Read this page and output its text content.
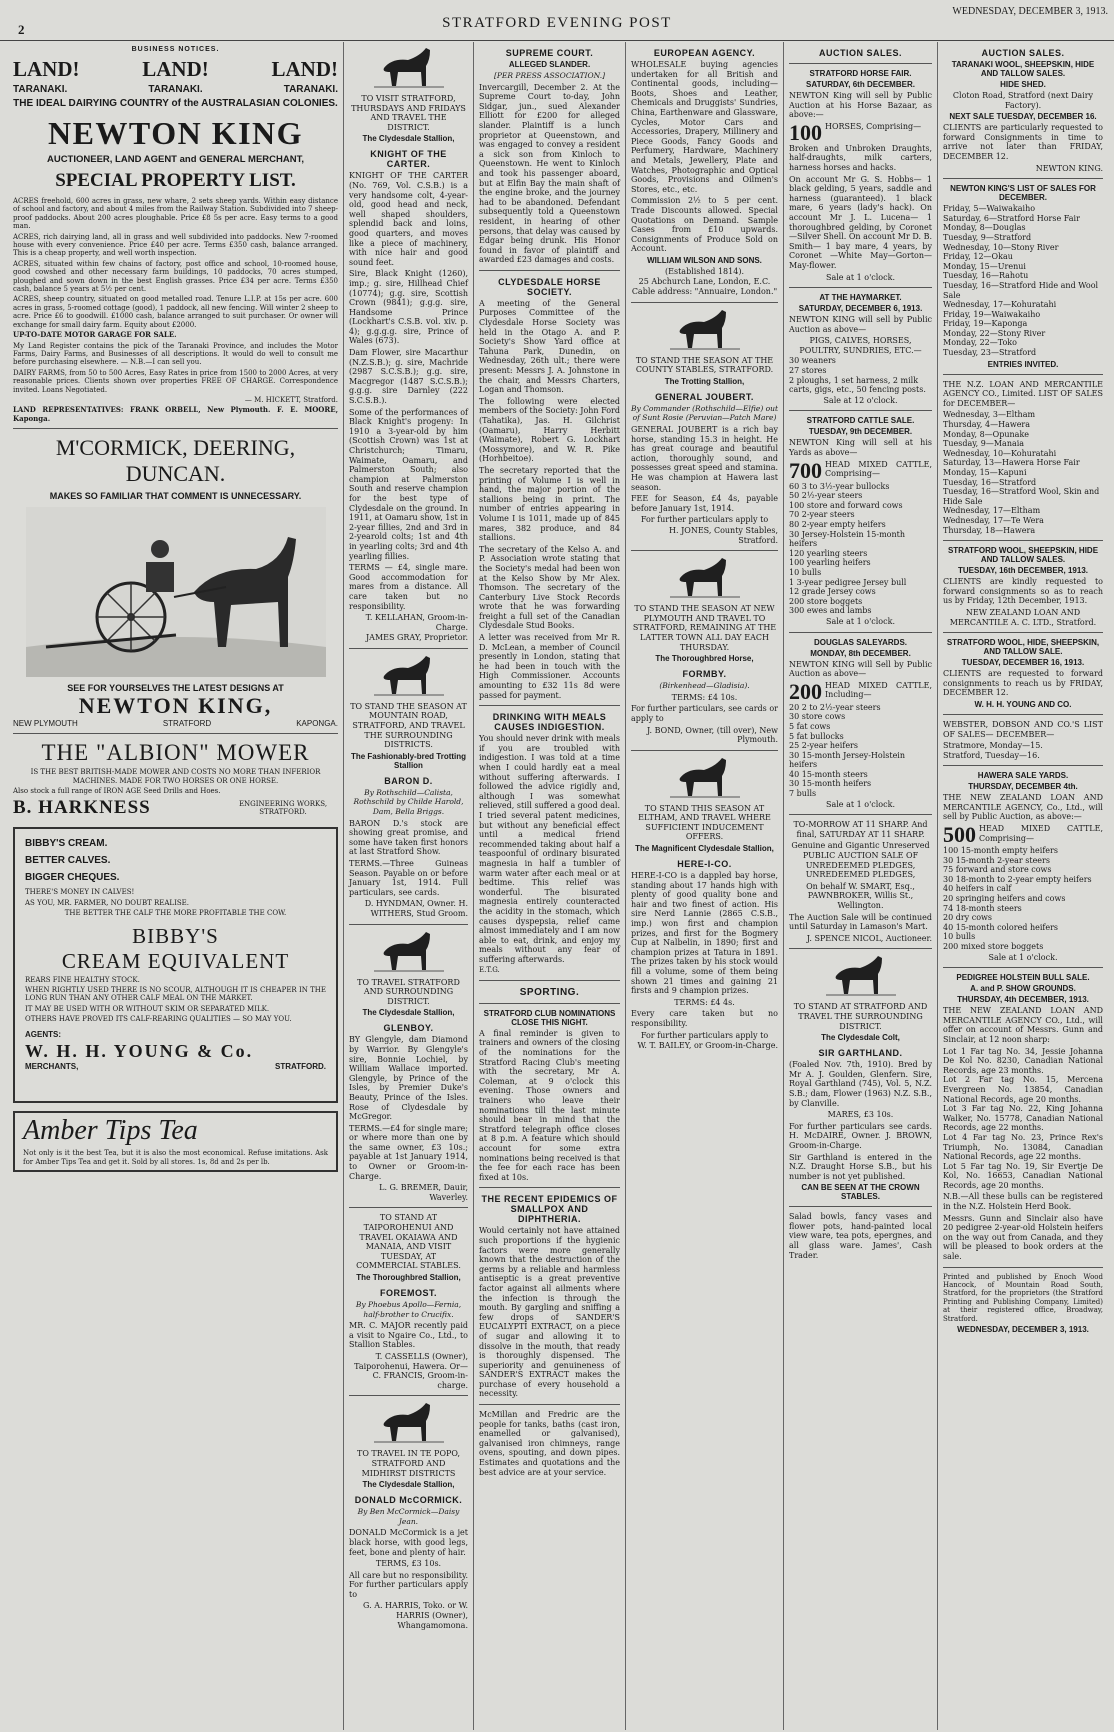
2	STRATFORD EVENING POST
WEDNESDAY, DECEMBER 3, 1913.
BUSINESS NOTICES.
LAND!	LAND!	LAND!
TARANAKI.	TARANAKI.	TARANAKI.
THE IDEAL DAIRYING COUNTRY of the AUSTRALASIAN COLONIES.
NEWTON KING
AUCTIONEER, LAND AGENT and GENERAL MERCHANT,
SPECIAL PROPERTY LIST.

ACRES freehold, 600 acres in grass, new whare, 2 sets sheep yards. Within easy distance of school and factory, and about 4 miles from the Railway Station. Subdivided into 7 sheep-proof paddocks. About 200 acres ploughable. Price £8 5s per acre. Easy terms to a good man.

ACRES, rich dairying land, all in grass and well subdivided into paddocks. New 7-roomed house with every convenience. Price £40 per acre. Terms £350 cash, balance arranged. This is a cheap property, and well worth inspection.

ACRES, situated within few chains of factory, post office and school, 10-roomed house, good cowshed and other necessary farm buildings, 10 paddocks, 70 acres stumped, ploughed and sown down in the best English grasses. Price £34 per acre. Terms £350 cash, balance 5 years at 5½ per cent.

ACRES, sheep country, situated on good metalled road. Tenure L.I.P. at 15s per acre. 600 acres in grass, 5-roomed cottage (good), 1 paddock, all new fencing. Will winter 2 sheep to acre. Price £6 to goodwill. £1000 cash, balance arranged to suit purchaser. Or owner will exchange for small dairy farm. Equity about £2000.

UP-TO-DATE MOTOR GARAGE FOR SALE.

My Land Register contains the pick of the Taranaki Province, and includes the Motor Farms, Dairy Farms, and Businesses of all descriptions. It would do well to consult me before purchasing elsewhere. — N.B.—I can sell you.

DAIRY FARMS, from 50 to 500 Acres, Easy Rates in price from 1500 to 2000 Acres, at very reasonable prices. Clients shown over properties FREE OF CHARGE. Correspondence invited. Loans Negotiated.

— M. HICKETT, Stratford.

LAND REPRESENTATIVES: FRANK ORBELL, New Plymouth. F. E. MOORE, Kaponga.

M'CORMICK, DEERING, DUNCAN.
MAKES SO FAMILIAR THAT COMMENT IS UNNECESSARY.
SEE FOR YOURSELVES THE LATEST DESIGNS AT
NEWTON KING,
NEW PLYMOUTH	STRATFORD	KAPONGA.
THE "ALBION" MOWER

IS THE BEST BRITISH-MADE MOWER AND COSTS NO MORE THAN INFERIOR MACHINES. MADE FOR TWO HORSES OR ONE HORSE.

Also stock a full range of IRON AGE Seed Drills and Hoes.

B. HARKNESS	ENGINEERING WORKS, STRATFORD.
BIBBY'S CREAM.
BETTER CALVES.
BIGGER CHEQUES.

THERE'S MONEY IN CALVES!

AS YOU, MR. FARMER, NO DOUBT REALISE.

THE BETTER THE CALF THE MORE PROFITABLE THE COW.

BIBBY'S
CREAM EQUIVALENT

REARS FINE HEALTHY STOCK.

WHEN RIGHTLY USED THERE IS NO SCOUR, ALTHOUGH IT IS CHEAPER IN THE LONG RUN THAN ANY OTHER CALF MEAL ON THE MARKET.

IT MAY BE USED WITH OR WITHOUT SKIM OR SEPARATED MILK.

OTHERS HAVE PROVED ITS CALF-REARING QUALITIES — SO MAY YOU.

AGENTS:
W. H. H. YOUNG & Co.
MERCHANTS,	STRATFORD.
Amber Tips Tea

Not only is it the best Tea, but it is also the most economical. Refuse imitations. Ask for Amber Tips Tea and get it. Sold by all stores. 1s, 8d and 2s per lb.

TO VISIT STRATFORD, THURSDAYS AND FRIDAYS AND TRAVEL THE DISTRICT.

The Clydesdale Stallion,
KNIGHT OF THE CARTER.

KNIGHT OF THE CARTER (No. 769, Vol. C.S.B.) is a very handsome colt, 4-year-old, good head and neck, well shaped shoulders, splendid back and loins, good quarters, and moves like a piece of machinery, with nice hair and good sound feet.

Sire, Black Knight (1260), imp.; g. sire, Hillhead Chief (10774); g.g. sire, Scottish Crown (9841); g.g.g. sire, Handsome Prince (Lockhart's C.S.B. vol. xiv. p. 4); g.g.g.g. sire, Prince of Wales (673).

Dam Flower, sire Macarthur (N.Z.S.B.); g. sire, Machride (2987 S.C.S.B.); g.g. sire, Macgregor (1487 S.C.S.B.); g.g.g. sire Darnley (222 S.C.S.B.).

Some of the performances of Black Knight's progeny: In 1910 a 3-year-old by him (Scottish Crown) was 1st at Christchurch; Timaru, Waimate, Oamaru, and Palmerston South; also champion at Palmerston South and reserve champion for the best type of Clydesdale on the ground. In 1911, at Oamaru show, 1st in 2-year fillies, 2nd and 3rd in 2-yearold colts; 1st and 4th in yearling colts; 3rd and 4th yearling fillies.

TERMS — £4, single mare. Good accommodation for mares from a distance. All care taken but no responsibility.

T. KELLAHAN, Groom-in-Charge.

JAMES GRAY, Proprietor.

TO STAND THE SEASON AT MOUNTAIN ROAD, STRATFORD, AND TRAVEL THE SURROUNDING DISTRICTS.

The Fashionably-bred Trotting Stallion
BARON D.

By Rothschild—Calista, Rothschild by Childe Harold, Dam, Bella Briggs.

BARON D.'s stock are showing great promise, and some have taken first honors at last Stratford Show.

TERMS.—Three Guineas Season. Payable on or before January 1st, 1914. Full particulars, see cards.

D. HYNDMAN, Owner. H. WITHERS, Stud Groom.

TO TRAVEL STRATFORD AND SURROUNDING DISTRICT.

The Clydesdale Stallion,
GLENBOY.

BY Glengyle, dam Diamond by Warrior. By Glengyle's sire, Bonnie Lochiel, by William Wallace imported. Glengyle, by Prince of the Isles, by Premier Duke's Beauty, Prince of the Isles. Rose of Clydesdale by McGregor.

TERMS.—£4 for single mare; or where more than one by the same owner, £3 10s.; payable at 1st January 1914, to Owner or Groom-in-Charge.

L. G. BREMER, Dauir, Waverley.

TO STAND AT TAIPOROHENUI AND TRAVEL OKAIAWA AND MANAIA, AND VISIT TUESDAY, AT COMMERCIAL STABLES.

The Thoroughbred Stallion,
FOREMOST.

By Phoebus Apollo—Fernia, half-brother to Crucifix.

MR. C. MAJOR recently paid a visit to Ngaire Co., Ltd., to Stallion Stables.

T. CASSELLS (Owner), Taiporohenui, Hawera. Or— C. FRANCIS, Groom-in-charge.

TO TRAVEL IN TE POPO, STRATFORD AND MIDHIRST DISTRICTS

The Clydesdale Stallion,
DONALD McCORMICK.

By Ben McCormick—Daisy Jean.

DONALD McCormick is a jet black horse, with good legs, feet, bone and plenty of hair.

TERMS, £3 10s.

All care but no responsibility. For further particulars apply to

G. A. HARRIS, Toko. or W. HARRIS (Owner), Whangamomona.

SUPREME COURT.
ALLEGED SLANDER.

[PER PRESS ASSOCIATION.]

Invercargill, December 2. At the Supreme Court to-day, John Sidgar, jun., sued Alexander Elliott for £200 for alleged slander. Plaintiff is a lunch proprietor at Queenstown, and was engaged to convey a resident a sick son from Kinloch to Queenstown. He went to Kinloch and took his passenger aboard, but at Elfin Bay the main shaft of the engine broke, and the journey had to be abandoned. Defendant subsequently told a Queenstown resident, in hearing of other persons, that delay was caused by Edgar being drunk. His Honor found in favor of plaintiff and awarded £23 damages and costs.

CLYDESDALE HORSE SOCIETY.

A meeting of the General Purposes Committee of the Clydesdale Horse Society was held in the Otago A. and P. Society's Show Yard office at Tahuna Park, Dunedin, on Wednesday, 26th ult.; there were present: Messrs J. A. Johnstone in the chair, and Messrs Charters, Logan and Thomson.

The following were elected members of the Society: John Ford (Tahatika), Jas. H. Gilchrist (Oamaru), Harry Herbitt (Waimate), Robert G. Lockhart (Mossymore), and W. R. Pike (Horhbeitoe).

The secretary reported that the printing of Volume I is well in hand, the major portion of the stallions being in print. The number of entries appearing in Volume I is 1011, made up of 845 mares, 382 produce, and 84 stallions.

The secretary of the Kelso A. and P. Association wrote stating that the Society's medal had been won at the Kelso Show by Mr Alex. Thomson. The secretary of the Canterbury Live Stock Records wrote that he was forwarding freight a full set of the Canadian Clydesdale Stud Books.

A letter was received from Mr R. D. McLean, a member of Council presently in London, stating that he had been in touch with the High Commissioner. Accounts amounting to £32 11s 8d were passed for payment.

DRINKING WITH MEALS CAUSES INDIGESTION.

You should never drink with meals if you are troubled with indigestion. I was told at a time when I could hardly eat a meal without suffering afterwards. I followed the advice rigidly and, although I was somewhat relieved, still suffered a good deal. I tried several patent medicines, but without any beneficial effect until a medical friend recommended taking about half a teaspoonful of ordinary bisurated magnesia in half a tumbler of warm water after each meal or at bedtime. This relief was wonderful. The bisurated magnesia entirely counteracted the acidity in the stomach, which causes dyspepsia, relief came almost immediately and I am now able to eat, drink, and enjoy my meals without any fear of suffering afterwards.

E.T.G.

SPORTING.
STRATFORD CLUB NOMINATIONS CLOSE THIS NIGHT.

A final reminder is given to trainers and owners of the closing of the nominations for the Stratford Racing Club's meeting with the secretary, Mr A. Coleman, at 9 o'clock this evening. Those owners and trainers who leave their nominations till the last minute should bear in mind that the Stratford telegraph office closes at 8 p.m. A feature which should account for some extra nominations being received is that the fee for each race has been fixed at 10s.

THE RECENT EPIDEMICS OF SMALLPOX AND DIPHTHERIA.

Would certainly not have attained such proportions if the hygienic factors were more generally known that the destruction of the germs by a reliable and harmless antiseptic is a great preventive factor against all ailments where the infection is through the mouth. By gargling and sniffing a few drops of SANDER'S EUCALYPTI EXTRACT, on a piece of sugar and allowing it to dissolve in the mouth, that ready is thoroughly dispensed. The superiority and genuineness of SANDER'S EXTRACT makes the purchase of every household a necessity.

McMillan and Fredric are the people for tanks, baths (cast iron, enamelled or galvanised), galvanised iron chimneys, range ovens, spouting, and down pipes. Estimates and quotations and the best advice are at your service.

EUROPEAN AGENCY.

WHOLESALE buying agencies undertaken for all British and Continental goods, including— Boots, Shoes and Leather, Chemicals and Druggists' Sundries, China, Earthenware and Glassware, Cycles, Motor Cars and Accessories, Drapery, Millinery and Piece Goods, Fancy Goods and Perfumery, Hardware, Machinery and Metals, Jewellery, Plate and Watches, Photographic and Optical Goods, Provisions and Oilmen's Stores, etc., etc.

Commission 2½ to 5 per cent. Trade Discounts allowed. Special Quotations on Demand. Sample Cases from £10 upwards. Consignments of Produce Sold on Account.

WILLIAM WILSON AND SONS.

(Established 1814).

25 Abchurch Lane, London, E.C. Cable address: "Annuaire, London."

TO STAND THE SEASON AT THE COUNTY STABLES, STRATFORD.

The Trotting Stallion,
GENERAL JOUBERT.

By Commander (Rothschild—Elfie) out of Sunt Rosie (Peruvian—Patch Mare)

GENERAL JOUBERT is a rich bay horse, standing 15.3 in height. He has great courage and beautiful action, thoroughly sound, and possesses great speed and stamina. He was champion at Hawera last season.

FEE for Season, £4 4s, payable before January 1st, 1914.

For further particulars apply to

H. JONES, County Stables, Stratford.

TO STAND THE SEASON AT NEW PLYMOUTH AND TRAVEL TO STRATFORD, REMAINING AT THE LATTER TOWN ALL DAY EACH THURSDAY.

The Thoroughbred Horse,
FORMBY.

(Birkenhead—Gladisia).

TERMS: £4 10s.

For further particulars, see cards or apply to

J. BOND, Owner, (till over), New Plymouth.

TO STAND THIS SEASON AT ELTHAM, AND TRAVEL WHERE SUFFICIENT INDUCEMENT OFFERS.

The Magnificent Clydesdale Stallion,
HERE-I-CO.

HERE-I-CO is a dappled bay horse, standing about 17 hands high with plenty of good quality bone and hair and two finest of action. His sire Nerd Lannie (2865 C.S.B., imp.) won first and champion prizes, and first for the Bogmery Cup at Nalbelin, in 1890; first and champion prizes at Tatura in 1891. The prizes taken by his stock would fill a volume, some of them being shown 21 times and gaining 21 firsts and 9 champion prizes.

TERMS: £4 4s.

Every care taken but no responsibility.

For further particulars apply to

W. T. BAILEY, or Groom-in-Charge.

AUCTION SALES.
STRATFORD HORSE FAIR.
SATURDAY, 6th DECEMBER.

NEWTON King will sell by Public Auction at his Horse Bazaar, as above:—

100 HORSES, Comprising—

Broken and Unbroken Draughts, half-draughts, milk carters, harness horses and hacks.

On account Mr G. S. Hobbs— 1 black gelding, 5 years, saddle and harness (guaranteed). 1 black mare, 6 years (lady's hack). On account Mr J. L. Lucena— 1 thoroughbred gelding, by Coronet—Silver Shell. On account Mr D. B. Smith— 1 bay mare, 4 years, by Coronet —White May—Gorton—May-flower.

Sale at 1 o'clock.

AT THE HAYMARKET.
SATURDAY, DECEMBER 6, 1913.

NEWTON KING will sell by Public Auction as above—

PIGS, CALVES, HORSES, POULTRY, SUNDRIES, ETC.—

30 weaners

27 stores

2 ploughs, 1 set harness, 2 milk carts, gigs, etc., 50 fencing posts.

Sale at 12 o'clock.

STRATFORD CATTLE SALE.
TUESDAY, 9th DECEMBER.

NEWTON King will sell at his Yards as above—

700 HEAD MIXED CATTLE, Comprising—

60 3 to 3½-year bullocks

50 2½-year steers

100 store and forward cows

70 2-year steers

80 2-year empty heifers

30 Jersey-Holstein 15-month heifers

120 yearling steers

100 yearling heifers

10 bulls

1 3-year pedigree Jersey bull

12 grade Jersey cows

200 store boggets

300 ewes and lambs

Sale at 1 o'clock.

DOUGLAS SALEYARDS.
MONDAY, 8th DECEMBER.

NEWTON KING will Sell by Public Auction as above—

200 HEAD MIXED CATTLE, Including—

20 2 to 2½-year steers

30 store cows

5 fat cows

5 fat bullocks

25 2-year heifers

30 15-month Jersey-Holstein heifers

40 15-month steers

30 15-month heifers

7 bulls

Sale at 1 o'clock.

TO-MORROW AT 11 SHARP. And final, SATURDAY AT 11 SHARP.

Genuine and Gigantic Unreserved PUBLIC AUCTION SALE OF UNREDEEMED PLEDGES, UNREDEEMED PLEDGES,

On behalf W. SMART, Esq., PAWNBROKER, Willis St., Wellington.

The Auction Sale will be continued until Saturday in Lamason's Mart.

J. SPENCE NICOL, Auctioneer.

TO STAND AT STRATFORD AND TRAVEL THE SURROUNDING DISTRICT.

The Clydesdale Colt,
SIR GARTHLAND.

(Foaled Nov. 7th, 1910). Bred by Mr A. J. Goulden, Glenfern. Sire, Royal Garthland (745), Vol. 5, N.Z. S.B.; dam, Flower (1963) N.Z. S.B., by Clanville.

MARES, £3 10s.

For further particulars see cards. H. McDAIRE, Owner. J. BROWN, Groom-in-Charge.

Sir Garthland is entered in the N.Z. Draught Horse S.B., but his number is not yet published.

CAN BE SEEN AT THE CROWN STABLES.

Salad bowls, fancy vases and flower pots, hand-painted local view ware, tea pots, epergnes, and all glass ware. James', Cash Trader.

AUCTION SALES.
TARANAKI WOOL, SHEEPSKIN, HIDE AND TALLOW SALES.
HIDE SHED.

Cloton Road, Stratford (next Dairy Factory).

NEXT SALE TUESDAY, DECEMBER 16.

CLIENTS are particularly requested to forward Consignments in time to arrive not later than FRIDAY, DECEMBER 12.

NEWTON KING.

NEWTON KING'S LIST OF SALES FOR DECEMBER.

Friday, 5—Waiwakaiho

Saturday, 6—Stratford Horse Fair

Monday, 8—Douglas

Tuesday, 9—Stratford

Wednesday, 10—Stony River

Friday, 12—Okau

Monday, 15—Urenui

Tuesday, 16—Rahotu

Tuesday, 16—Stratford Hide and Wool Sale

Wednesday, 17—Kohuratahi

Friday, 19—Waiwakaiho

Friday, 19—Kaponga

Monday, 22—Stony River

Monday, 22—Toko

Tuesday, 23—Stratford

ENTRIES INVITED.

THE N.Z. LOAN AND MERCANTILE AGENCY CO., Limited. LIST OF SALES for DECEMBER—

Wednesday, 3—Eltham

Thursday, 4—Hawera

Monday, 8—Opunake

Tuesday, 9—Manaia

Wednesday, 10—Kohuratahi

Saturday, 13—Hawera Horse Fair

Monday, 15—Kapuni

Tuesday, 16—Stratford

Tuesday, 16—Stratford Wool, Skin and Hide Sale

Wednesday, 17—Eltham

Wednesday, 17—Te Wera

Thursday, 18—Hawera

STRATFORD WOOL, SHEEPSKIN, HIDE AND TALLOW SALES.
TUESDAY, 16th DECEMBER, 1913.

CLIENTS are kindly requested to forward consignments so as to reach us by Friday, 12th December, 1913.

NEW ZEALAND LOAN AND MERCANTILE A. C. LTD., Stratford.

STRATFORD WOOL, HIDE, SHEEPSKIN, AND TALLOW SALE.
TUESDAY, DECEMBER 16, 1913.

CLIENTS are requested to forward consignments to reach us by FRIDAY, DECEMBER 12.

W. H. H. YOUNG AND CO.

WEBSTER, DOBSON AND CO.'S LIST OF SALES— DECEMBER—

Stratmore, Monday—15.

Stratford, Tuesday—16.

HAWERA SALE YARDS.
THURSDAY, DECEMBER 4th.

THE NEW ZEALAND LOAN AND MERCANTILE AGENCY, Co., Ltd., will sell by Public Auction, as above:—

500 HEAD MIXED CATTLE, Comprising—

100 15-month empty heifers

30 15-month 2-year steers

75 forward and store cows

30 18-month to 2-year empty heifers

40 heifers in calf

20 springing heifers and cows

74 18-month steers

20 dry cows

40 15-month colored heifers

10 bulls

200 mixed store boggets

Sale at 1 o'clock.

PEDIGREE HOLSTEIN BULL SALE.
A. and P. SHOW GROUNDS.
THURSDAY, 4th DECEMBER, 1913.

THE NEW ZEALAND LOAN AND MERCANTILE AGENCY CO., Ltd., will offer on account of Messrs. Gunn and Sinclair, at 12 noon sharp:

Lot 1 Far tag No. 34, Jessie Johanna De Kol No. 8230, Canadian National Records, age 23 months.

Lot 2 Far tag No. 15, Mercena Evergreen No. 13854, Canadian National Records, age 20 months.

Lot 3 Far tag No. 22, King Johanna Walker, No. 15778, Canadian National Records, age 22 months.

Lot 4 Far tag No. 23, Prince Rex's Triumph, No. 13084, Canadian National Records, age 22 months.

Lot 5 Far tag No. 19, Sir Evertje De Kol, No. 16653, Canadian National Records, age 20 months.

N.B.—All these bulls can be registered in the N.Z. Holstein Herd Book.

Messrs. Gunn and Sinclair also have 20 pedigree 2-year-old Holstein heifers on the way out from Canada, and they will be pleased to book orders at the sale.

Printed and published by Enoch Wood Hancock, of Mountain Road South, Stratford, for the proprietors (the Stratford Printing and Publishing Company, Limited) at their registered office, Broadway, Stratford.

WEDNESDAY, DECEMBER 3, 1913.
